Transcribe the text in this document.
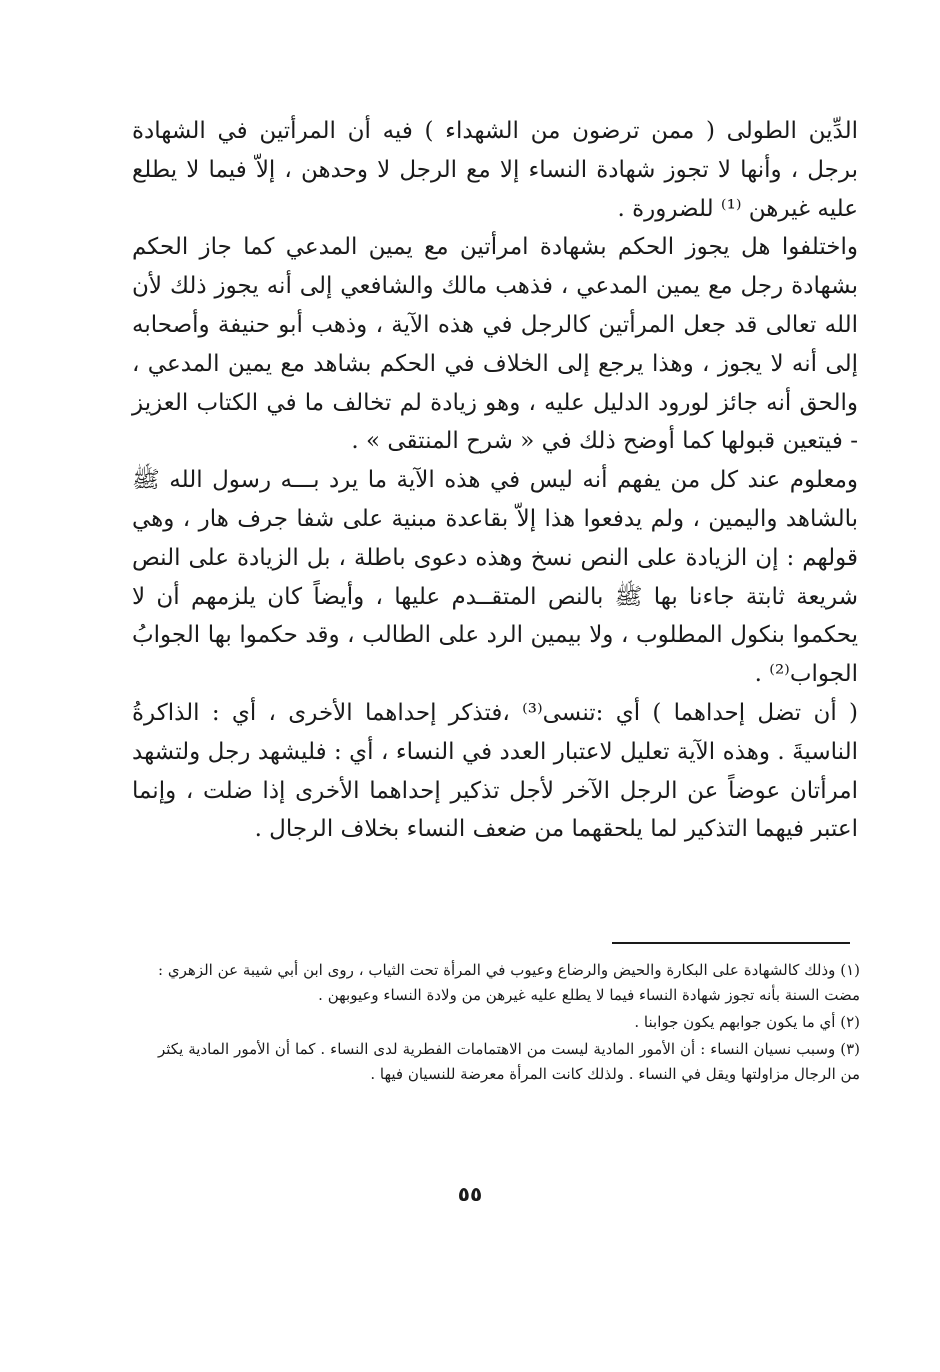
الدِّين الطولى ( ممن ترضون من الشهداء ) فيه أن المرأتين في الشهادة برجل ، وأنها لا تجوز شهادة النساء إلا مع الرجل لا وحدهن ، إلاّ فيما لا يطلع عليه غيرهن ⁽¹⁾ للضرورة .

واختلفوا هل يجوز الحكم بشهادة امرأتين مع يمين المدعي كما جاز الحكم بشهادة رجل مع يمين المدعي ، فذهب مالك والشافعي إلى أنه يجوز ذلك لأن الله تعالى قد جعل المرأتين كالرجل في هذه الآية ، وذهب أبو حنيفة وأصحابه إلى أنه لا يجوز ، وهذا يرجع إلى الخلاف في الحكم بشاهد مع يمين المدعي ، والحق أنه جائز لورود الدليل عليه ، وهو زيادة لم تخالف ما في الكتاب العزيز - فيتعين قبولها كما أوضح ذلك في « شرح المنتقى » .

ومعلوم عند كل من يفهم أنه ليس في هذه الآية ما يرد بـــه رسول الله ﷺ بالشاهد واليمين ، ولم يدفعوا هذا إلاّ بقاعدة مبنية على شفا جرف هار ، وهي قولهم : إن الزيادة على النص نسخ وهذه دعوى باطلة ، بل الزيادة على النص شريعة ثابتة جاءنا بها ﷺ بالنص المتقــدم عليها ، وأيضاً كان يلزمهم أن لا يحكموا بنكول المطلوب ، ولا بيمين الرد على الطالب ، وقد حكموا بها الجوابُ الجواب⁽²⁾ .

( أن تضل إحداهما ) أي :تنسى⁽³⁾ ،فتذكر إحداهما الأخرى ، أي : الذاكرةُ الناسيةَ . وهذه الآية تعليل لاعتبار العدد في النساء ، أي : فليشهد رجل ولتشهد امرأتان عوضاً عن الرجل الآخر لأجل تذكير إحداهما الأخرى إذا ضلت ، وإنما اعتبر فيهما التذكير لما يلحقهما من ضعف النساء بخلاف الرجال .

(١) وذلك كالشهادة على البكارة والحيض والرضاع وعيوب في المرأة تحت الثياب ، روى ابن أبي شيبة عن الزهري : مضت السنة بأنه تجوز شهادة النساء فيما لا يطلع عليه غيرهن من ولادة النساء وعيوبهن .

(٢) أي ما يكون جوابهم يكون جوابنا .

(٣) وسبب نسيان النساء : أن الأمور المادية ليست من الاهتمامات الفطرية لدى النساء . كما أن الأمور المادية يكثر من الرجال مزاولتها ويقل في النساء . ولذلك كانت المرأة معرضة للنسيان فيها .

٥٥
